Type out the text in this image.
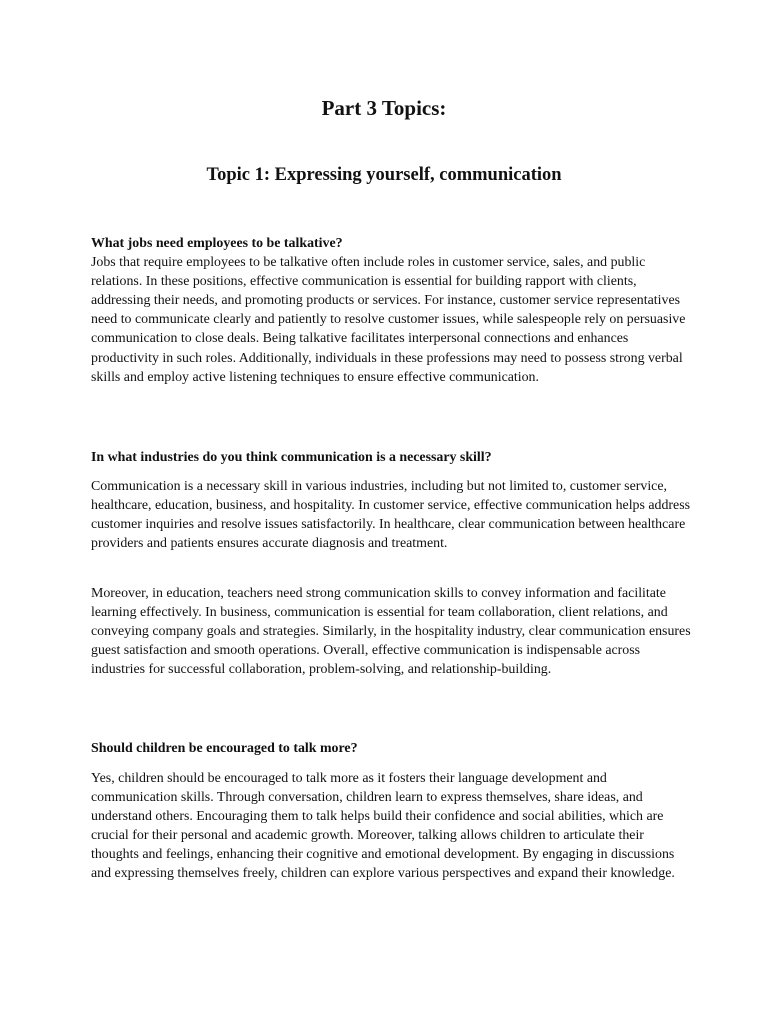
Part 3 Topics:
Topic 1: Expressing yourself, communication
What jobs need employees to be talkative?
Jobs that require employees to be talkative often include roles in customer service, sales, and public relations. In these positions, effective communication is essential for building rapport with clients, addressing their needs, and promoting products or services. For instance, customer service representatives need to communicate clearly and patiently to resolve customer issues, while salespeople rely on persuasive communication to close deals. Being talkative facilitates interpersonal connections and enhances productivity in such roles. Additionally, individuals in these professions may need to possess strong verbal skills and employ active listening techniques to ensure effective communication.
In what industries do you think communication is a necessary skill?
Communication is a necessary skill in various industries, including but not limited to, customer service, healthcare, education, business, and hospitality. In customer service, effective communication helps address customer inquiries and resolve issues satisfactorily. In healthcare, clear communication between healthcare providers and patients ensures accurate diagnosis and treatment.
Moreover, in education, teachers need strong communication skills to convey information and facilitate learning effectively. In business, communication is essential for team collaboration, client relations, and conveying company goals and strategies. Similarly, in the hospitality industry, clear communication ensures guest satisfaction and smooth operations. Overall, effective communication is indispensable across industries for successful collaboration, problem-solving, and relationship-building.
Should children be encouraged to talk more?
Yes, children should be encouraged to talk more as it fosters their language development and communication skills. Through conversation, children learn to express themselves, share ideas, and understand others. Encouraging them to talk helps build their confidence and social abilities, which are crucial for their personal and academic growth. Moreover, talking allows children to articulate their thoughts and feelings, enhancing their cognitive and emotional development. By engaging in discussions and expressing themselves freely, children can explore various perspectives and expand their knowledge.
